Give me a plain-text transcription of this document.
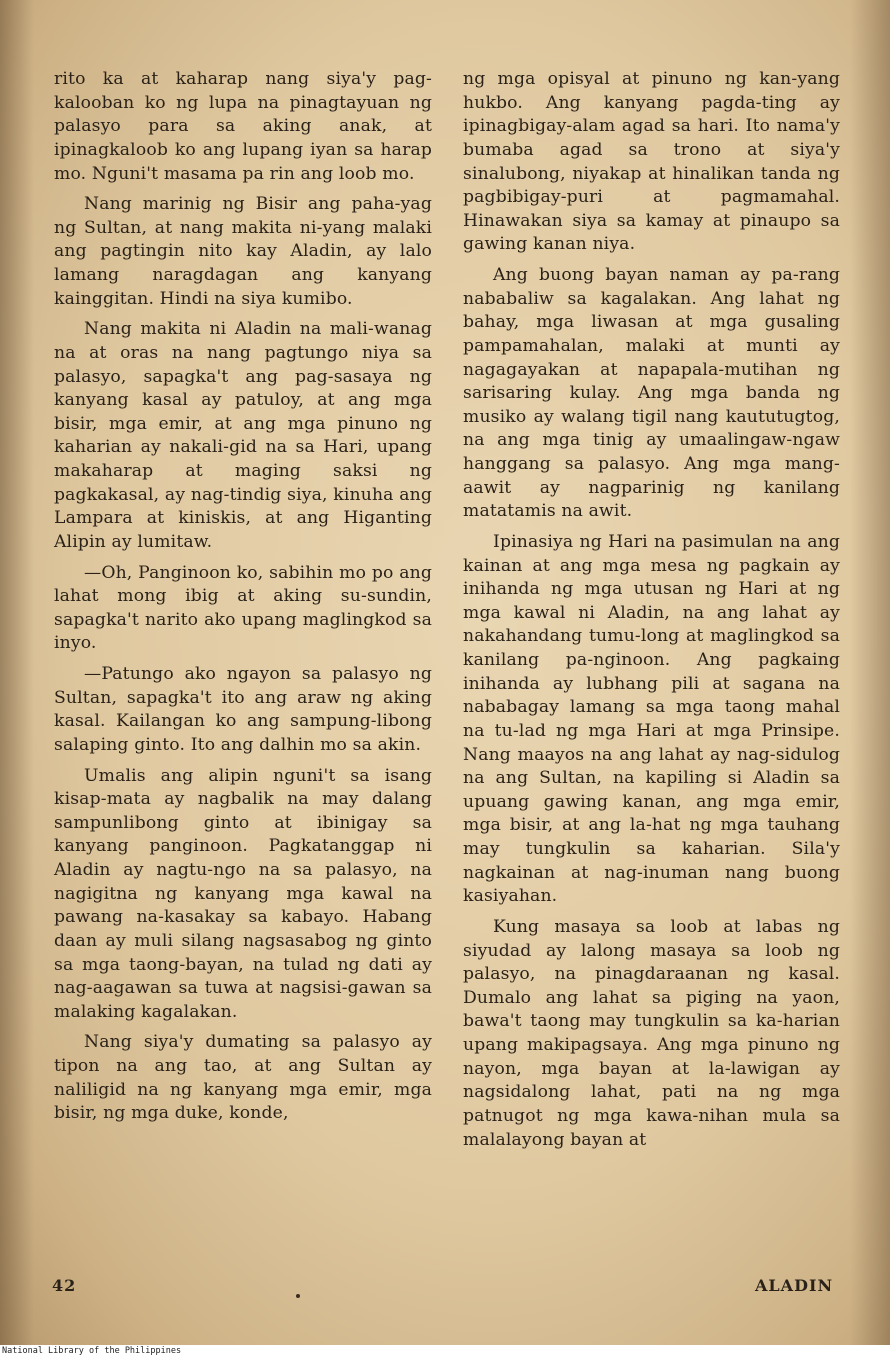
rito ka at kaharap nang siya'y pag-kalooban ko ng lupa na pinagtayuan ng palasyo para sa aking anak, at ipinagkaloob ko ang lupang iyan sa harap mo. Nguni't masama pa rin ang loob mo.

Nang marinig ng Bisir ang paha-yag ng Sultan, at nang makita ni-yang malaki ang pagtingin nito kay Aladin, ay lalo lamang naragdagan ang kanyang kainggitan. Hindi na siya kumibo.

Nang makita ni Aladin na mali-wanag na at oras na nang pagtungo niya sa palasyo, sapagka't ang pag-sasaya ng kanyang kasal ay patuloy, at ang mga bisir, mga emir, at ang mga pinuno ng kaharian ay nakali-gid na sa Hari, upang makaharap at maging saksi ng pagkakasal, ay nag-tindig siya, kinuha ang Lampara at kiniskis, at ang Higanting Alipin ay lumitaw.

—Oh, Panginoon ko, sabihin mo po ang lahat mong ibig at aking su-sundin, sapagka't narito ako upang maglingkod sa inyo.

—Patungo ako ngayon sa palasyo ng Sultan, sapagka't ito ang araw ng aking kasal. Kailangan ko ang sampung-libong salaping ginto. Ito ang dalhin mo sa akin.

Umalis ang alipin nguni't sa isang kisap-mata ay nagbalik na may dalang sampunlibong ginto at ibinigay sa kanyang panginoon. Pagkatanggap ni Aladin ay nagtu-ngo na sa palasyo, na nagigitna ng kanyang mga kawal na pawang na-kasakay sa kabayo. Habang daan ay muli silang nagsasabog ng ginto sa mga taong-bayan, na tulad ng dati ay nag-aagawan sa tuwa at nagsisi-gawan sa malaking kagalakan.

Nang siya'y dumating sa palasyo ay tipon na ang tao, at ang Sultan ay naliligid na ng kanyang mga emir, mga bisir, ng mga duke, konde,

ng mga opisyal at pinuno ng kan-yang hukbo. Ang kanyang pagda-ting ay ipinagbigay-alam agad sa hari. Ito nama'y bumaba agad sa trono at siya'y sinalubong, niyakap at hinalikan tanda ng pagbibigay-puri at pagmamahal. Hinawakan siya sa kamay at pinaupo sa gawing kanan niya.

Ang buong bayan naman ay pa-rang nababaliw sa kagalakan. Ang lahat ng bahay, mga liwasan at mga gusaling pampamahalan, malaki at munti ay nagagayakan at napapala-mutihan ng sarisaring kulay. Ang mga banda ng musiko ay walang tigil nang kaututugtog, na ang mga tinig ay umaalingaw-ngaw hanggang sa palasyo. Ang mga mang-aawit ay nagparinig ng kanilang matatamis na awit.

Ipinasiya ng Hari na pasimulan na ang kainan at ang mga mesa ng pagkain ay inihanda ng mga utusan ng Hari at ng mga kawal ni Aladin, na ang lahat ay nakahandang tumu-long at maglingkod sa kanilang pa-nginoon. Ang pagkaing inihanda ay lubhang pili at sagana na nababagay lamang sa mga taong mahal na tu-lad ng mga Hari at mga Prinsipe. Nang maayos na ang lahat ay nag-sidulog na ang Sultan, na kapiling si Aladin sa upuang gawing kanan, ang mga emir, mga bisir, at ang la-hat ng mga tauhang may tungkulin sa kaharian. Sila'y nagkainan at nag-inuman nang buong kasiyahan.

Kung masaya sa loob at labas ng siyudad ay lalong masaya sa loob ng palasyo, na pinagdaraanan ng kasal. Dumalo ang lahat sa piging na yaon, bawa't taong may tungkulin sa ka-harian upang makipagsaya. Ang mga pinuno ng nayon, mga bayan at la-lawigan ay nagsidalong lahat, pati na ng mga patnugot ng mga kawa-nihan mula sa malalayong bayan at

42	ALADIN
National Library of the Philippines
